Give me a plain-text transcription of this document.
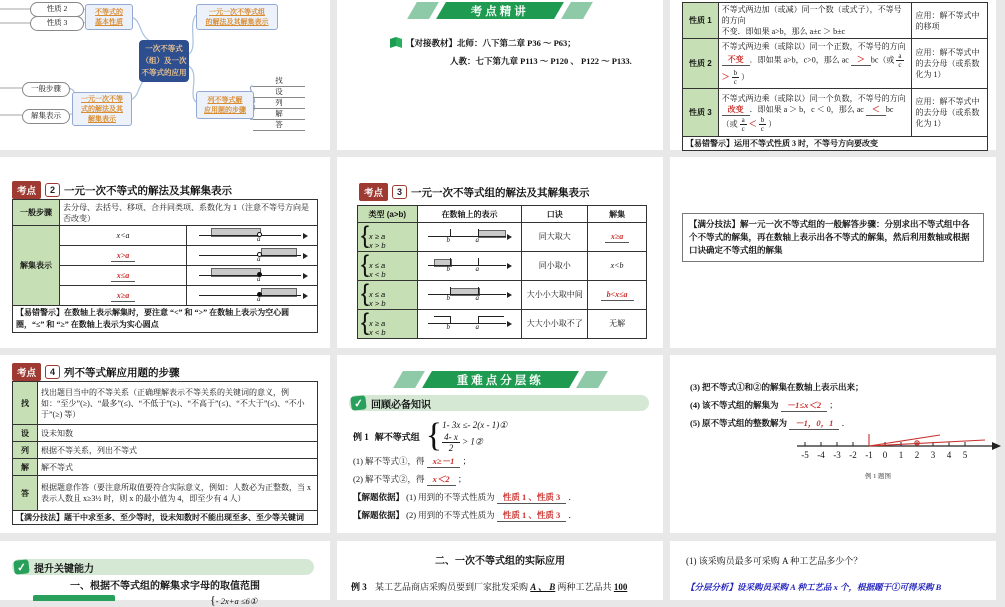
性质 2
性质 3
不等式的
基本性质
一次不等式
（组）及一次
不等式的应用
一元一次不等式组
的解法及其解集表示
列不等式解
应用题的步骤
找
设
列
解
答
一般步骤
解集表示
一元一次不等
式的解法及其
解集表示
考点精讲
【对接教材】北师：八下第二章 P36 ～ P63；
人教：七下第九章 P113 ～ P120 、 P122 ～ P133.
性质 1	不等式两边加（或减）同一个数（或式子），不等号的方向
不变．即如果 a>b，那么 a±c ＞ b±c	应用：解不等式中的移项
性质 2	不等式两边乘（或除以）同一个正数，不等号的方向
不变 ．即如果 a>b，c>0，那么 ac ＞ bc（或 $\frac{a}{c} > \frac{b}{c}$ ）	应用：解不等式中的去分母（或系数化为 1）
性质 3	不等式两边乘（或除以）同一个负数，不等号的方向
改变 ．即如果 a ＞ b，c ＜ 0，那么 ac ＜ bc（或 $\frac{a}{c} < \frac{b}{c}$ ）	应用：解不等式中的去分母（或系数化为 1）
【易错警示】运用不等式性质 3 时，不等号方向要改变		
考点	2 一元一次不等式的解法及其解集表示
一般步骤	去分母、去括号、移项、合并同类项、系数化为 1（注意不等号方向是否改变）	
解集表示	x<a	a

	x>a	a

	x≤a	a

	x≥a	a

【易错警示】在数轴上表示解集时，要注意 “<” 和 “>” 在数轴上表示为空心圆圈，“≤” 和 “≥” 在数轴上表示为实心圆点		
考点	3 一元一次不等式组的解法及其解集表示
类型 (a>b)	在数轴上的表示	口诀	解集
{x ≥ a
x > b	b a	同大取大	x≥a
{x ≤ a
x < b	b a	同小取小	x<b
{x ≤ a
x > b	b a	大小小大取中间	b<x≤a
{x ≥ a
x < b	b a	大大小小取不了	无解
【满分技法】解一元一次不等式组的一般解答步骤：分别求出不等式组中各个不等式的解集，再在数轴上表示出各不等式的解集，然后利用数轴或根据口诀确定不等式组的解集
考点	4 列不等式解应用题的步骤
找	找出题目当中的不等关系（正确理解表示不等关系的关键词的意义，例如：“至少”(≥)、“最多”(≤)、“不低于”(≥)、“不高于”(≤)、“不大于”(≤)、“不小于”(≥) 等）
设	设未知数
列	根据不等关系，列出不等式
解	解不等式
答	根据题意作答（要注意所取值要符合实际意义，例如：人数必为正整数，当 x 表示人数且 x≥3½ 时，则 x 的最小值为 4，即至少有 4 人）
【满分技法】题干中求至多、至少等时，设未知数时不能出现至多、至少等关键词	
重难点分层练
✓ 回顾必备知识
例 1 解不等式组 { 1- 3x ≤- 2(x - 1)①
$\frac{4- x}{2}$ > 1②
(1) 解不等式①，得 x≥－1 ；
(2) 解不等式②，得 x＜2 ；
【解题依据】 (1) 用到的不等式性质为 性质 1 、性质 3 ．
【解题依据】 (2) 用到的不等式性质为 性质 1 、性质 3 ．
(3) 把不等式①和②的解集在数轴上表示出来；
(4) 该不等式组的解集为 －1≤x＜2 ；
(5) 原不等式组的整数解为 －1，0，1 ．
-5 -4 -3 -2 -1 0 1 2 3 4 5
例 1 题图
✓ 提升关键能力
一、根据不等式组的解集求字母的取值范围
{- 2x+a ≤6①
二、一次不等式组的实际应用
例 3 某工艺品商店采购员要到厂家批发采购 A 、 B 两种工艺品共 100
(1) 该采购员最多可采购 A 种工艺品多少个？
【分层分析】设采购员采购 A 种工艺品 x 个，根据题干①可得采购 B
